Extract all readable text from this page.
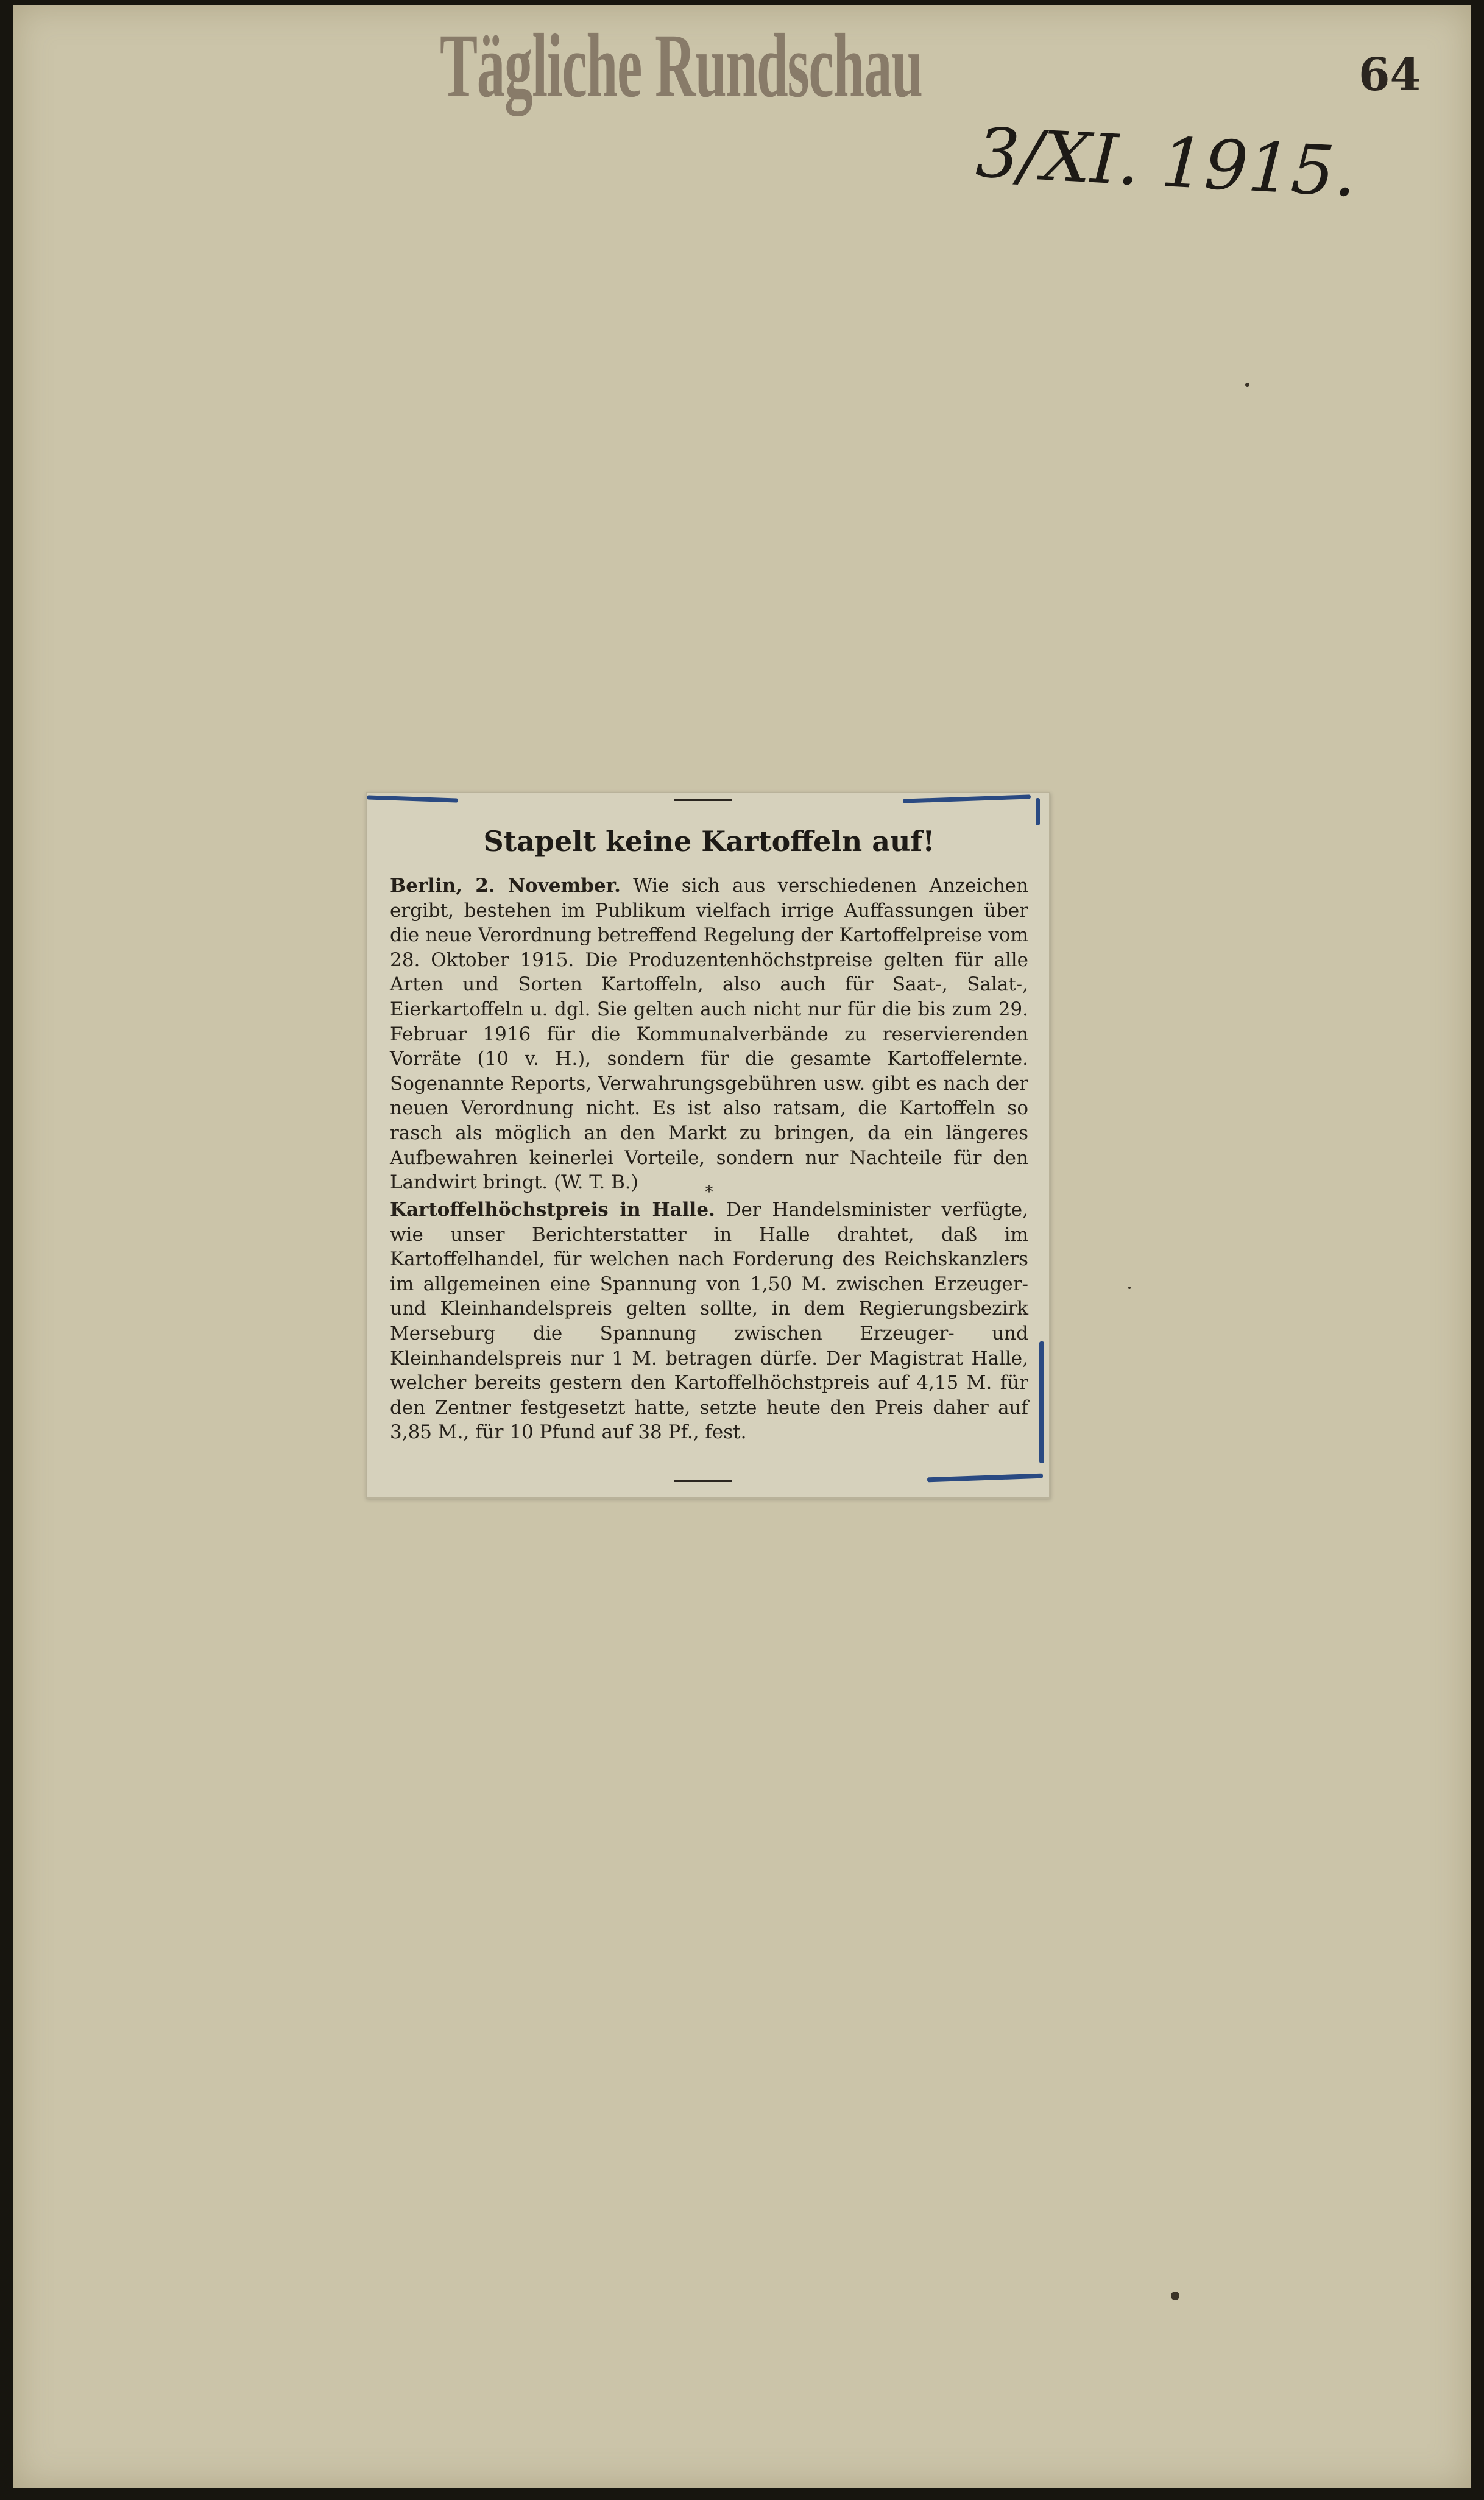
Tägliche Rundschau	64
3/XI. 1915.
Stapelt keine Kartoffeln auf!
Berlin, 2. November. Wie sich aus verschiedenen Anzeichen ergibt, bestehen im Publikum vielfach irrige Auffassungen über die neue Verordnung betreffend Regelung der Kartoffelpreise vom 28. Oktober 1915. Die Produzentenhöchstpreise gelten für alle Arten und Sorten Kartoffeln, also auch für Saat-, Salat-, Eierkartoffeln u. dgl. Sie gelten auch nicht nur für die bis zum 29. Februar 1916 für die Kommunalverbände zu reservierenden Vorräte (10 v. H.), sondern für die gesamte Kartoffelernte. Sogenannte Reports, Verwahrungsgebühren usw. gibt es nach der neuen Verordnung nicht. Es ist also ratsam, die Kartoffeln so rasch als möglich an den Markt zu bringen, da ein längeres Aufbewahren keinerlei Vorteile, sondern nur Nachteile für den Landwirt bringt. (W. T. B.)	*
Kartoffelhöchstpreis in Halle. Der Handelsminister verfügte, wie unser Berichterstatter in Halle drahtet, daß im Kartoffelhandel, für welchen nach Forderung des Reichskanzlers im allgemeinen eine Spannung von 1,50 M. zwischen Erzeuger- und Kleinhandelspreis gelten sollte, in dem Regierungsbezirk Merseburg die Spannung zwischen Erzeuger- und Kleinhandelspreis nur 1 M. betragen dürfe. Der Magistrat Halle, welcher bereits gestern den Kartoffelhöchstpreis auf 4,15 M. für den Zentner festgesetzt hatte, setzte heute den Preis daher auf 3,85 M., für 10 Pfund auf 38 Pf., fest.
